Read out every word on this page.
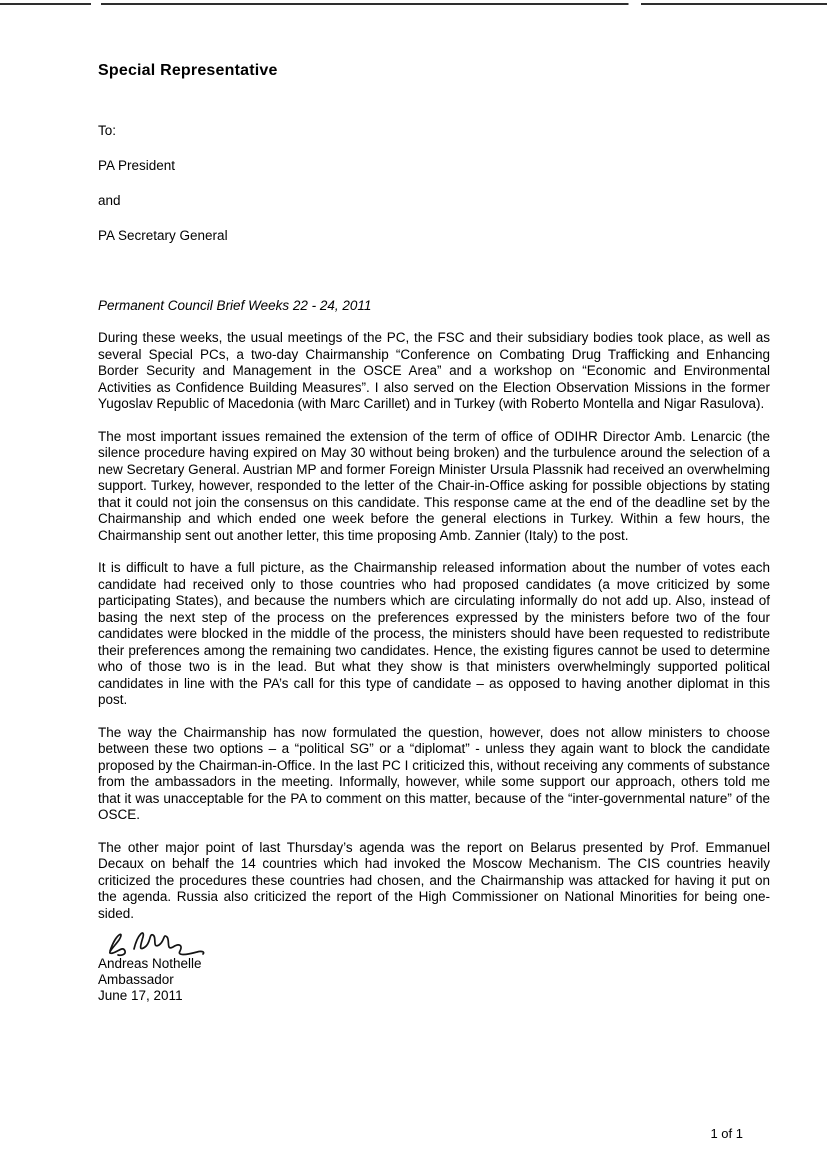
Special Representative

To:

PA President

and

PA Secretary General

Permanent Council Brief Weeks 22 - 24, 2011

During these weeks, the usual meetings of the PC, the FSC and their subsidiary bodies took place, as well as several Special PCs, a two-day Chairmanship “Conference on Combating Drug Trafficking and Enhancing Border Security and Management in the OSCE Area” and a workshop on “Economic and Environmental Activities as Confidence Building Measures”. I also served on the Election Observation Missions in the former Yugoslav Republic of Macedonia (with Marc Carillet) and in Turkey (with Roberto Montella and Nigar Rasulova).

The most important issues remained the extension of the term of office of ODIHR Director Amb. Lenarcic (the silence procedure having expired on May 30 without being broken) and the turbulence around the selection of a new Secretary General. Austrian MP and former Foreign Minister Ursula Plassnik had received an overwhelming support. Turkey, however, responded to the letter of the Chair-in-Office asking for possible objections by stating that it could not join the consensus on this candidate. This response came at the end of the deadline set by the Chairmanship and which ended one week before the general elections in Turkey. Within a few hours, the Chairmanship sent out another letter, this time proposing Amb. Zannier (Italy) to the post.

It is difficult to have a full picture, as the Chairmanship released information about the number of votes each candidate had received only to those countries who had proposed candidates (a move criticized by some participating States), and because the numbers which are circulating informally do not add up. Also, instead of basing the next step of the process on the preferences expressed by the ministers before two of the four candidates were blocked in the middle of the process, the ministers should have been requested to redistribute their preferences among the remaining two candidates. Hence, the existing figures cannot be used to determine who of those two is in the lead. But what they show is that ministers overwhelmingly supported political candidates in line with the PA’s call for this type of candidate – as opposed to having another diplomat in this post.

The way the Chairmanship has now formulated the question, however, does not allow ministers to choose between these two options – a “political SG” or a “diplomat” - unless they again want to block the candidate proposed by the Chairman-in-Office. In the last PC I criticized this, without receiving any comments of substance from the ambassadors in the meeting. Informally, however, while some support our approach, others told me that it was unacceptable for the PA to comment on this matter, because of the “inter-governmental nature” of the OSCE.

The other major point of last Thursday’s agenda was the report on Belarus presented by Prof. Emmanuel Decaux on behalf the 14 countries which had invoked the Moscow Mechanism. The CIS countries heavily criticized the procedures these countries had chosen, and the Chairmanship was attacked for having it put on the agenda. Russia also criticized the report of the High Commissioner on National Minorities for being one-sided.

Andreas Nothelle

Ambassador

June 17, 2011

1 of 1
